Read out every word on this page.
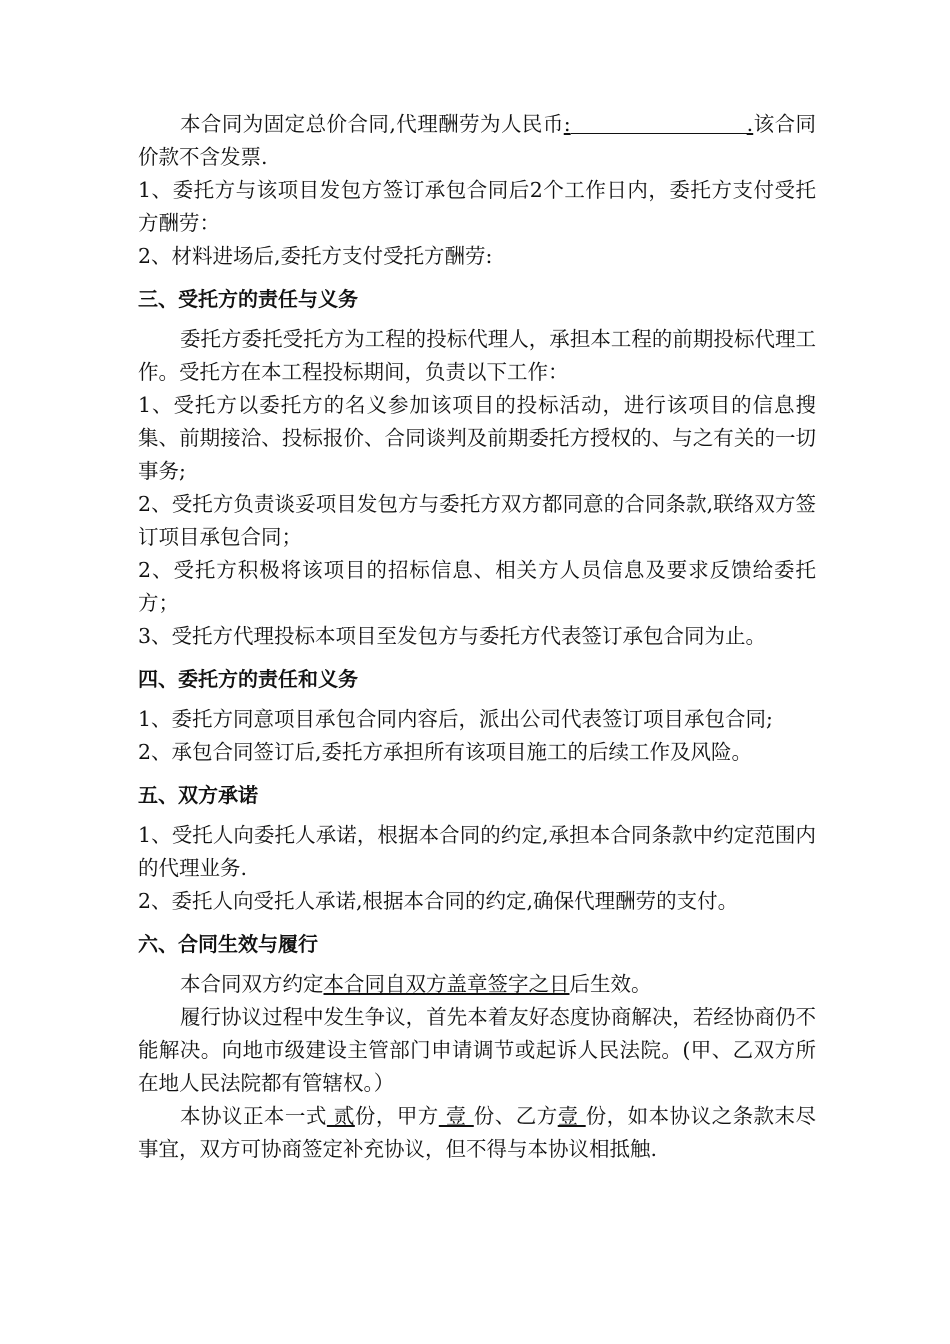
本合同为固定总价合同,代理酬劳为人民币:	.该合同价款不含发票.

1、委托方与该项目发包方签订承包合同后2个工作日内，委托方支付受托方酬劳：

2、材料进场后,委托方支付受托方酬劳:

三、受托方的责任与义务

委托方委托受托方为工程的投标代理人，承担本工程的前期投标代理工作。受托方在本工程投标期间，负责以下工作：

1、受托方以委托方的名义参加该项目的投标活动，进行该项目的信息搜集、前期接洽、投标报价、合同谈判及前期委托方授权的、与之有关的一切事务;

2、受托方负责谈妥项目发包方与委托方双方都同意的合同条款,联络双方签订项目承包合同；

2、受托方积极将该项目的招标信息、相关方人员信息及要求反馈给委托方；

3、受托方代理投标本项目至发包方与委托方代表签订承包合同为止。

四、委托方的责任和义务

1、委托方同意项目承包合同内容后，派出公司代表签订项目承包合同;

2、承包合同签订后,委托方承担所有该项目施工的后续工作及风险。

五、双方承诺

1、受托人向委托人承诺，根据本合同的约定,承担本合同条款中约定范围内的代理业务.

2、委托人向受托人承诺,根据本合同的约定,确保代理酬劳的支付。

六、合同生效与履行

本合同双方约定本合同自双方盖章签字之日后生效。

履行协议过程中发生争议，首先本着友好态度协商解决，若经协商仍不能解决。向地市级建设主管部门申请调节或起诉人民法院。(甲、乙双方所在地人民法院都有管辖权。）

本协议正本一式 贰份，甲方 壹 份、乙方壹 份，如本协议之条款末尽事宜，双方可协商签定补充协议，但不得与本协议相抵触.
